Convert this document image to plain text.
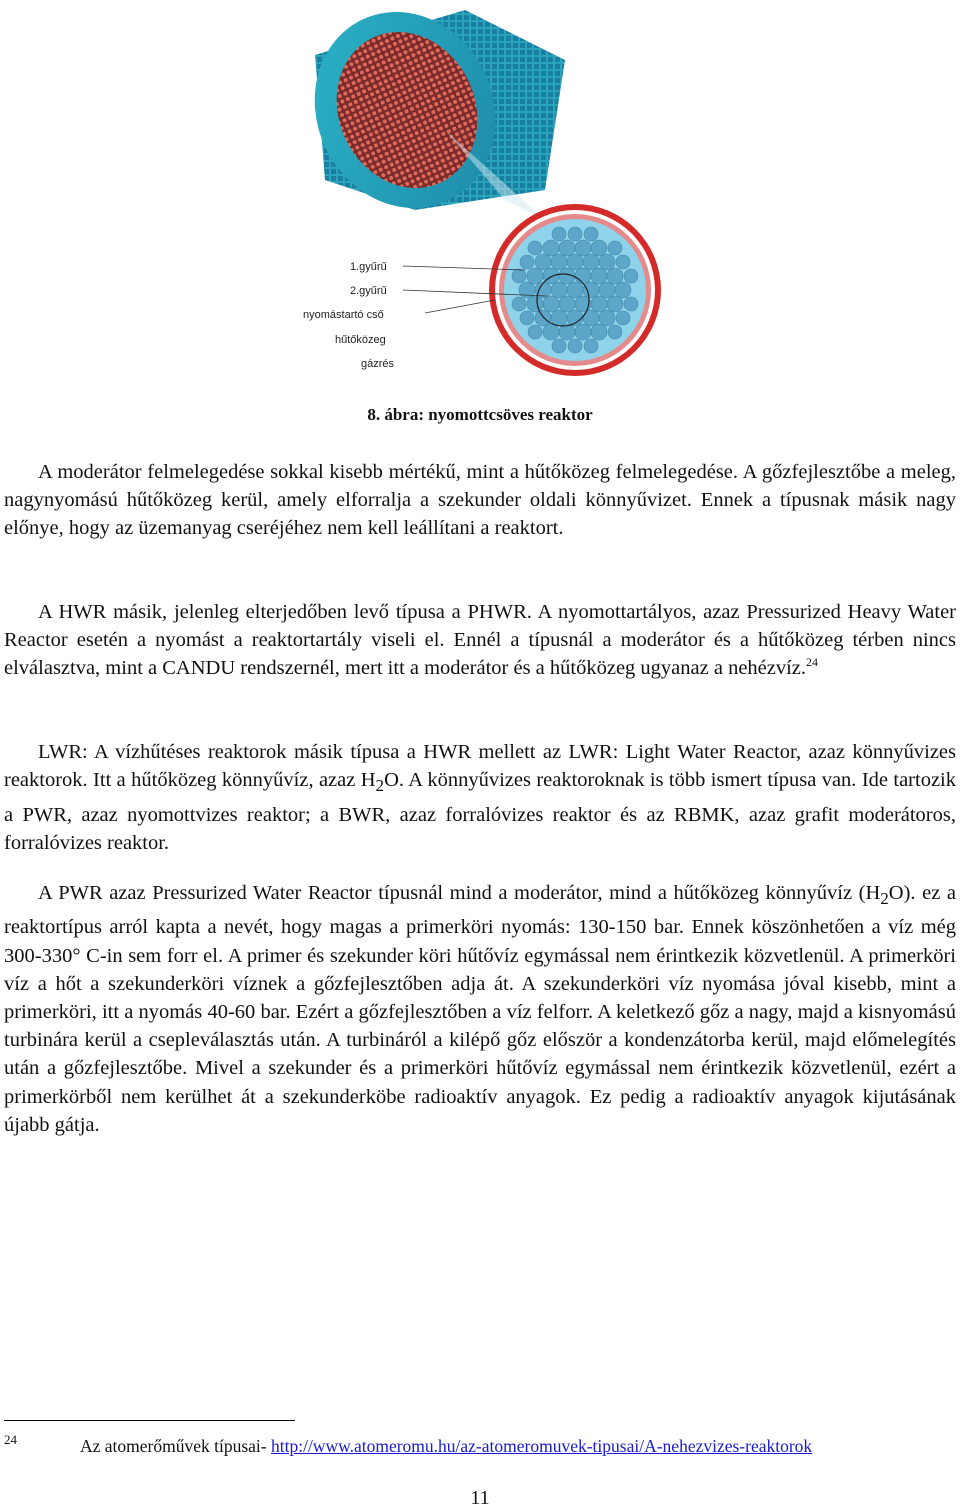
1.gyűrű
2.gyűrű
nyomástartó cső
hűtőközeg
gázrés
8. ábra: nyomottcsöves reaktor

A moderátor felmelegedése sokkal kisebb mértékű, mint a hűtőközeg felmelegedése. A gőzfejlesztőbe a meleg, nagynyomású hűtőközeg kerül, amely elforralja a szekunder oldali könnyűvizet. Ennek a típusnak másik nagy előnye, hogy az üzemanyag cseréjéhez nem kell leállítani a reaktort.

A HWR másik, jelenleg elterjedőben levő típusa a PHWR. A nyomottartályos, azaz Pressurized Heavy Water Reactor esetén a nyomást a reaktortartály viseli el. Ennél a típusnál a moderátor és a hűtőközeg térben nincs elválasztva, mint a CANDU rendszernél, mert itt a moderátor és a hűtőközeg ugyanaz a nehézvíz.$^{24}$

LWR: A vízhűtéses reaktorok másik típusa a HWR mellett az LWR: Light Water Reactor, azaz könnyűvizes reaktorok. Itt a hűtőközeg könnyűvíz, azaz $H_2O$. A könnyűvizes reaktoroknak is több ismert típusa van. Ide tartozik a PWR, azaz nyomottvizes reaktor; a BWR, azaz forralóvizes reaktor és az RBMK, azaz grafit moderátoros, forralóvizes reaktor.

A PWR azaz Pressurized Water Reactor típusnál mind a moderátor, mind a hűtőközeg könnyűvíz $(H_2O)$. ez a reaktortípus arról kapta a nevét, hogy magas a primerköri nyomás: 130-150 bar. Ennek köszönhetően a víz még 300-330° C-in sem forr el. A primer és szekunder köri hűtővíz egymással nem érintkezik közvetlenül. A primerköri víz a hőt a szekunderköri víznek a gőzfejlesztőben adja át. A szekunderköri víz nyomása jóval kisebb, mint a primerköri, itt a nyomás 40-60 bar. Ezért a gőzfejlesztőben a víz felforr. A keletkező gőz a nagy, majd a kisnyomású turbinára kerül a csepleválasztás után. A turbináról a kilépő gőz először a kondenzátorba kerül, majd előmelegítés után a gőzfejlesztőbe. Mivel a szekunder és a primerköri hűtővíz egymással nem érintkezik közvetlenül, ezért a primerkörből nem kerülhet át a szekunderköbe radioaktív anyagok. Ez pedig a radioaktív anyagok kijutásának újabb gátja.

24	Az atomerőművek típusai- http://www.atomeromu.hu/az-atomeromuvek-tipusai/A-nehezvizes-reaktorok
11
